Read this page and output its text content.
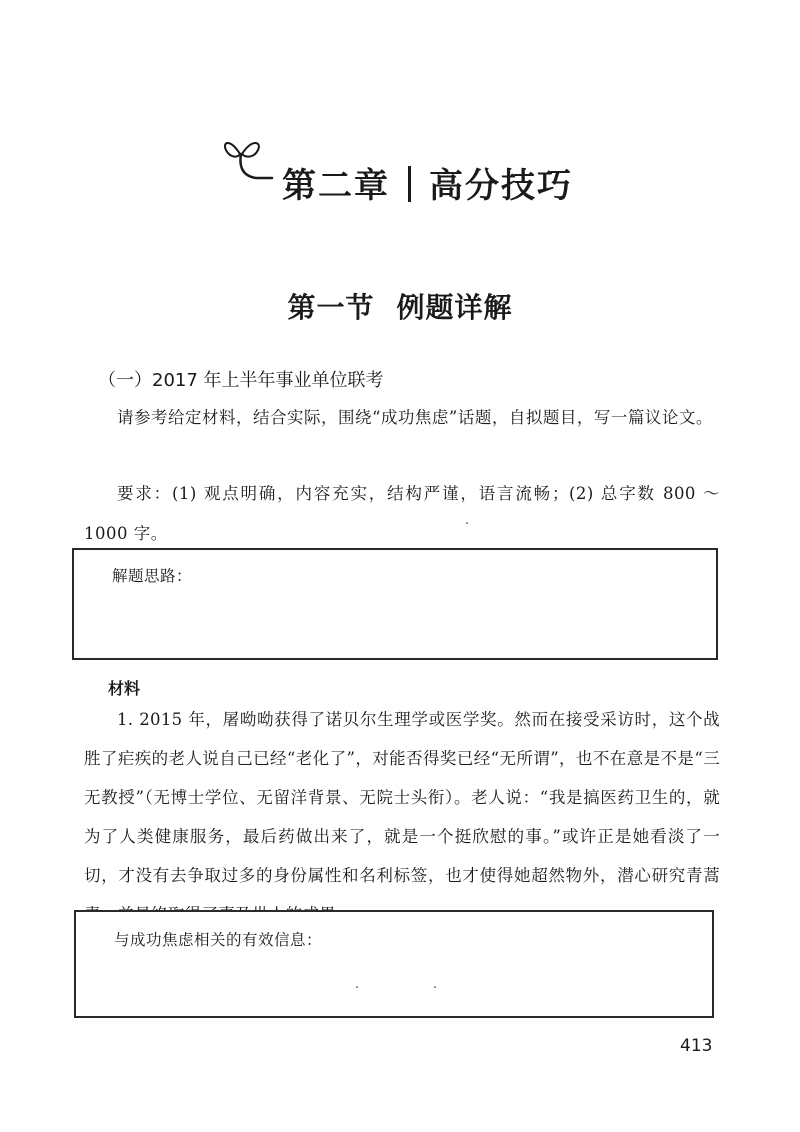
第二章 高分技巧
第一节 例题详解
（一）2017 年上半年事业单位联考
请参考给定材料，结合实际，围绕“成功焦虑”话题，自拟题目，写一篇议论文。
要求：(1) 观点明确，内容充实，结构严谨，语言流畅；(2) 总字数 800 ～ 1000 字。
解题思路：
材料
1. 2015 年，屠呦呦获得了诺贝尔生理学或医学奖。然而在接受采访时，这个战胜了疟疾的老人说自己已经“老化了”，对能否得奖已经“无所谓”，也不在意是不是“三无教授”（无博士学位、无留洋背景、无院士头衔）。老人说：“我是搞医药卫生的，就为了人类健康服务，最后药做出来了，就是一个挺欣慰的事。”或许正是她看淡了一切，才没有去争取过多的身份属性和名利标签，也才使得她超然物外，潜心研究青蒿
与成功焦虑相关的有效信息：
413
